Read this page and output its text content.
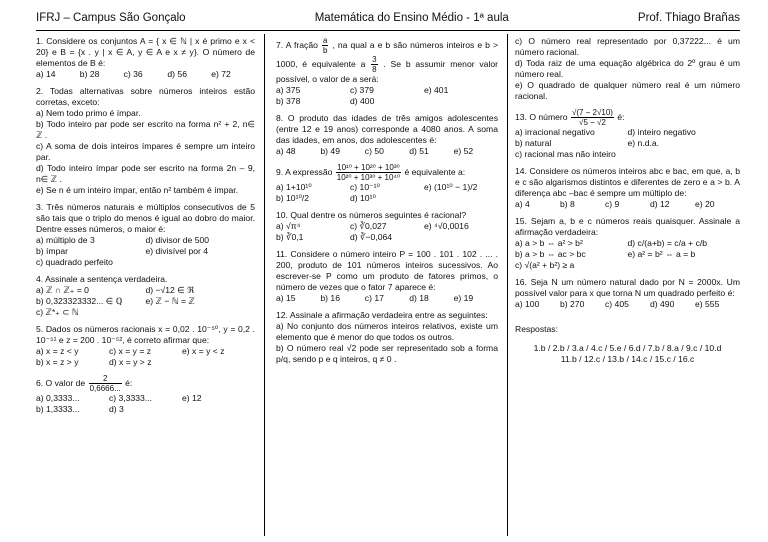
IFRJ – Campus São Gonçalo	Matemática do Ensino Médio - 1ª aula	Prof. Thiago Brañas

1. Considere os conjuntos A = { x ∈ ℕ | x é primo e x < 20} e B = {x . y | x ∈ A, y ∈ A e x ≠ y}. O número de elementos de B é:

a) 14	b) 28	c) 36	d) 56	e) 72

2. Todas alternativas sobre números inteiros estão corretas, exceto:

a) Nem todo primo é ímpar.

b) Todo inteiro par pode ser escrito na forma n² + 2, n∈ ℤ .

c) A soma de dois inteiros ímpares é sempre um inteiro par.

d) Todo inteiro ímpar pode ser escrito na forma 2n – 9, n∈ ℤ .

e) Se n é um inteiro ímpar, então n² também é ímpar.

3. Três números naturais e múltiplos consecutivos de 5 são tais que o triplo do menos é igual ao dobro do maior. Dentre esses números, o maior é:

a) múltiplo de 3	d) divisor de 500
b) ímpar	e) divisível por 4
c) quadrado perfeito

4. Assinale a sentença verdadeira.

a) ℤ ∩ ℤ₊ = 0	d) −√12 ∈ ℜ
b) 0,323323332... ∈ ℚ	e) ℤ − ℕ = ℤ
c) ℤ*₊ ⊂ ℕ

5. Dados os números racionais x = 0,02 . 10⁻⁵⁰, y = 0,2 . 10⁻⁵¹ e z = 200 . 10⁻⁵², é correto afirmar que:

a) x = z < y	c) x = y = z	e) x = y < z
b) x = z > y	d) x = y > z

6. O valor de $\frac{2}{0,6666...}$ é:

a) 0,3333...	c) 3,3333...	e) 12
b) 1,3333...	d) 3

7. A fração $\frac{a}{b}$ , na qual a e b são números inteiros e b > 1000, é equivalente a $\frac{3}{8}$ . Se b assumir menor valor possível, o valor de a será:

a) 375	c) 379	e) 401
b) 378	d) 400

8. O produto das idades de três amigos adolescentes (entre 12 e 19 anos) corresponde a 4080 anos. A soma das idades, em anos, dos adolescentes é:

a) 48	b) 49	c) 50	d) 51	e) 52

9. A expressão $\frac{\text{10¹⁰ + 10²⁰ + 10³⁰}}{\text{10²⁰ + 10³⁰ + 10⁴⁰}}$ é equivalente a:

a) 1+10¹⁰	c) 10⁻¹⁰	e) (10¹⁰ − 1)/2
b) 10¹⁰/2	d) 10¹⁰

10. Qual dentre os números seguintes é racional?

a) √π⁴	c) ∛0,027	e) ⁴√0,0016
b) ∛0,1	d) ∛−0,064

11. Considere o número inteiro P = 100 . 101 . 102 . ... . 200, produto de 101 números inteiros sucessivos. Ao escrever-se P como um produto de fatores primos, o número de vezes que o fator 7 aparece é:

a) 15	b) 16	c) 17	d) 18	e) 19

12. Assinale a afirmação verdadeira entre as seguintes:

a) No conjunto dos números inteiros relativos, existe um elemento que é menor do que todos os outros.

b) O número real √2 pode ser representado sob a forma p/q, sendo p e q inteiros, q ≠ 0 .

c) O número real representado por 0,37222... é um número racional.

d) Toda raiz de uma equação algébrica do 2º grau é um número real.

e) O quadrado de qualquer número real é um número racional.

13. O número $\frac{√(7 - 2√10)}{√5 - √2}$ é:

a) irracional negativo	d) inteiro negativo
b) natural	e) n.d.a.
c) racional mas não inteiro

14. Considere os números inteiros abc e bac, em que, a, b e c são algarismos distintos e diferentes de zero e a > b. A diferença abc –bac é sempre um múltiplo de:

a) 4	b) 8	c) 9	d) 12	e) 20

15. Sejam a, b e c números reais quaisquer. Assinale a afirmação verdadeira:

a) a > b ⇔ a² > b²	d) c/(a+b) = c/a + c/b
b) a > b ⇔ ac > bc	e) a² = b² ⇔ a = b
c) √(a² + b²) ≥ a

16. Seja N um número natural dado por N = 2000x. Um possível valor para x que torna N um quadrado perfeito é:

a) 100	b) 270	c) 405	d) 490	e) 555

Respostas:

1.b / 2.b / 3.a / 4.c / 5.e / 6.d / 7.b / 8.a / 9.c / 10.d

11.b / 12.c / 13.b / 14.c / 15.c / 16.c
